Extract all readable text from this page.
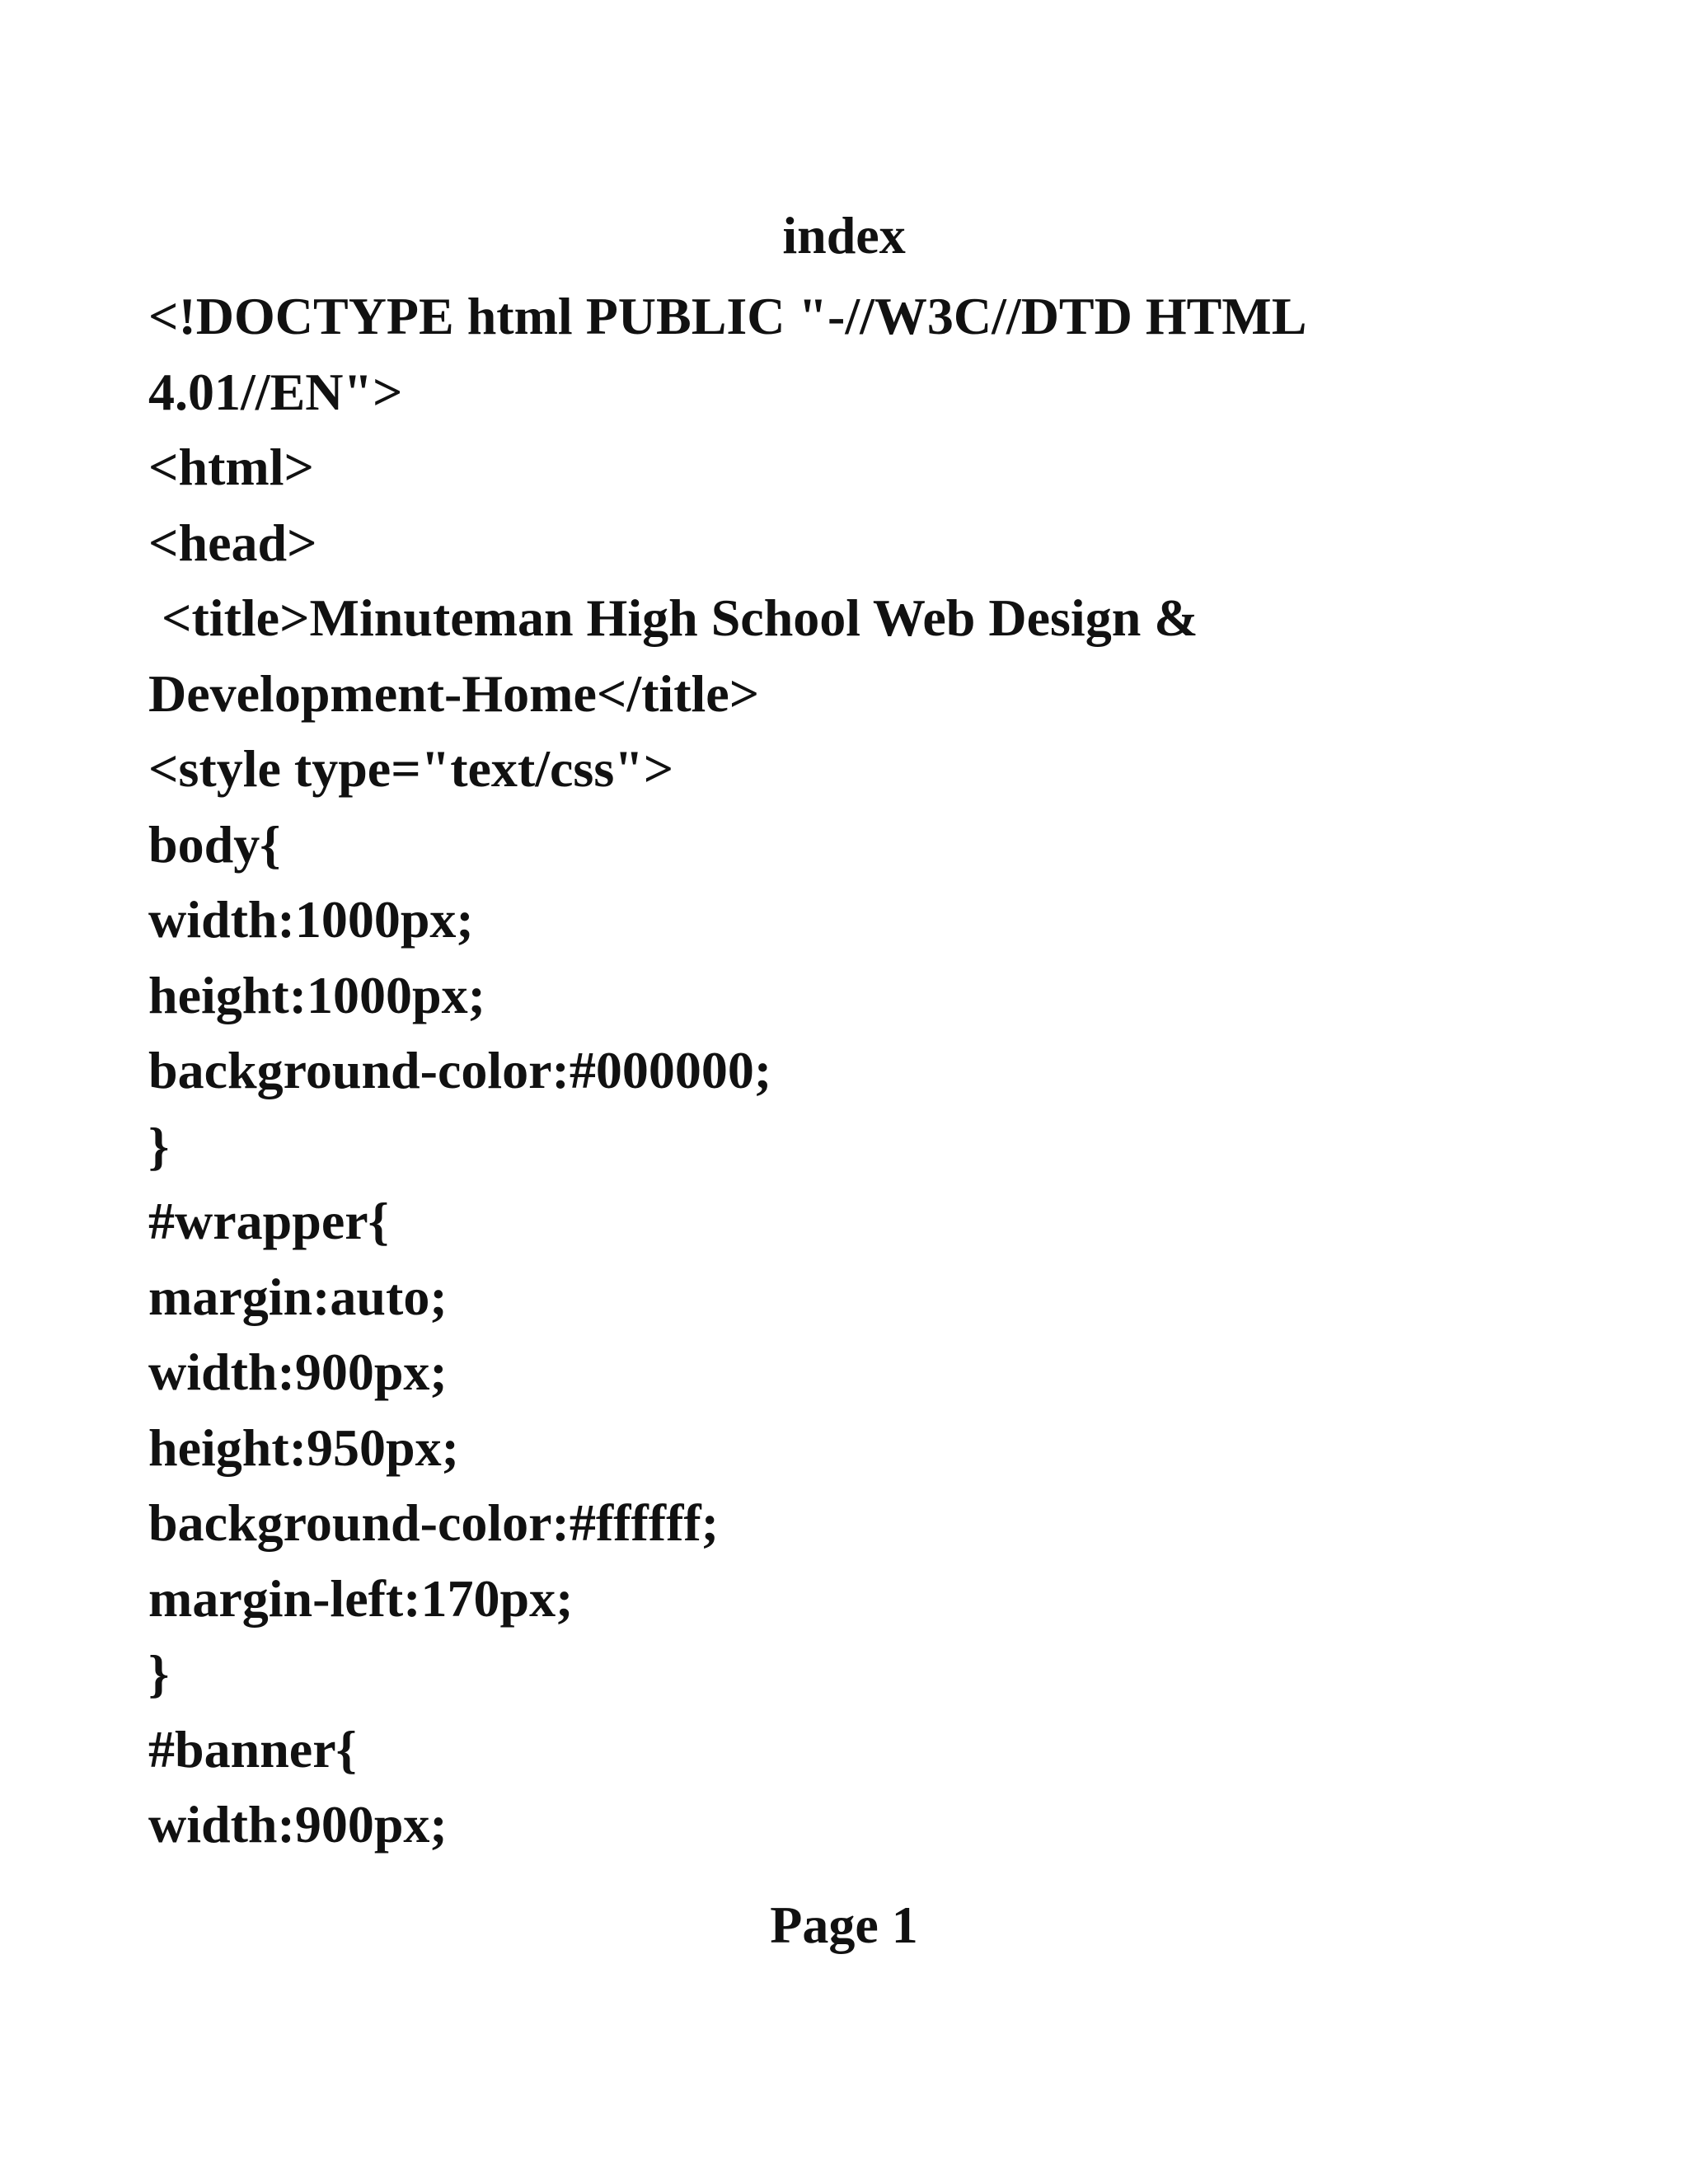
index
<!DOCTYPE html PUBLIC "-//W3C//DTD HTML
4.01//EN">
<html>
<head>
<title>Minuteman High School Web Design &
Development-Home</title>
<style type="text/css">
body{
width:1000px;
height:1000px;
background-color:#000000;
}
#wrapper{
margin:auto;
width:900px;
height:950px;
background-color:#ffffff;
margin-left:170px;
}
#banner{
width:900px;
Page 1
